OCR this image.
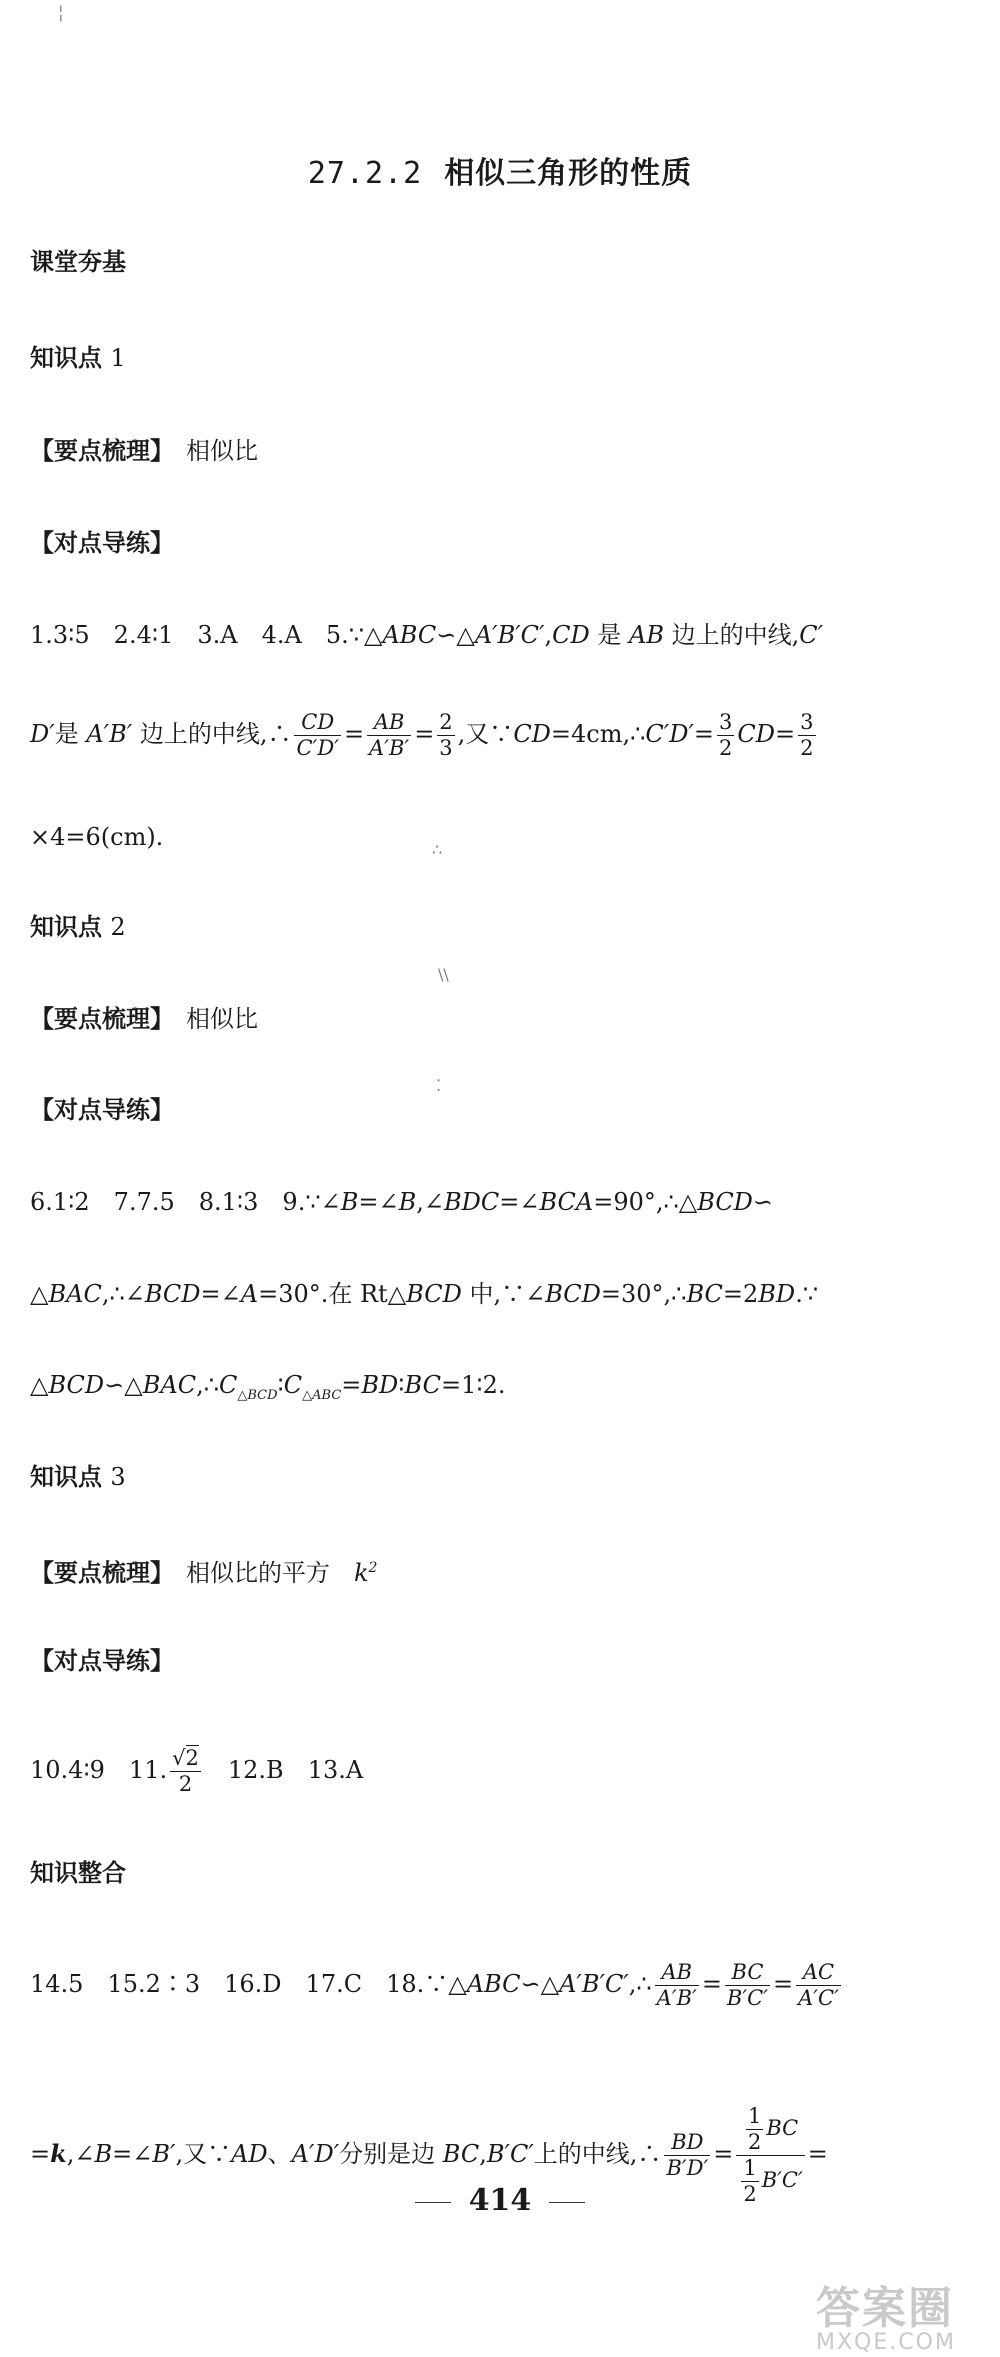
╎
27.2.2 相似三角形的性质
课堂夯基
知识点 1
【要点梳理】　 相似比
【对点导练】
1.3∶5　2.4∶1　3.A　4.A　5.∵△ABC∽△A′B′C′,CD 是 AB 边上的中线,C′
D′是 A′B′ 边上的中线,∴ $\frac{CD}{C'D'} = \frac{AB}{A'B'} = \frac{2}{3}$ ,又∵CD=4cm,∴C′D′= $\frac{3}{2} CD= \frac{3}{2}$
×4=6(cm).	∴
知识点 2
\\
【要点梳理】　 相似比
⁚
【对点导练】
6.1∶2　7.7.5　8.1∶3　9.∵∠B=∠B,∠BDC=∠BCA=90°,∴△BCD∽
△BAC,∴∠BCD=∠A=30°.在 Rt△BCD 中,∵∠BCD=30°,∴BC=2BD.∵
$\triangle BCD∽\triangle BAC,\therefore C_{\triangle BCD}∶C_{\triangle ABC}=BD∶BC=1∶2$.
知识点 3
【要点梳理】　 相似比的平方　 $k^2$
【对点导练】
10.4∶9　11. $\frac{√2}{2}$ 　12.B　13.A
知识整合
14.5　15.2∶3　16.D　17.C　18.∵△ABC∽△A′B′C′,∴ $\frac{AB}{A'B'} = \frac{BC}{B'C'} = \frac{AC}{A'C'}$
=k,∠B=∠B′,又∵AD、A′D′分别是边 BC,B′C′上的中线,∴ $\frac{BD}{B'D'} = \frac{\frac{1}{2} BC}{\frac{1}{2} B'C'}$ =
414
答案圈
MXQE.COM
